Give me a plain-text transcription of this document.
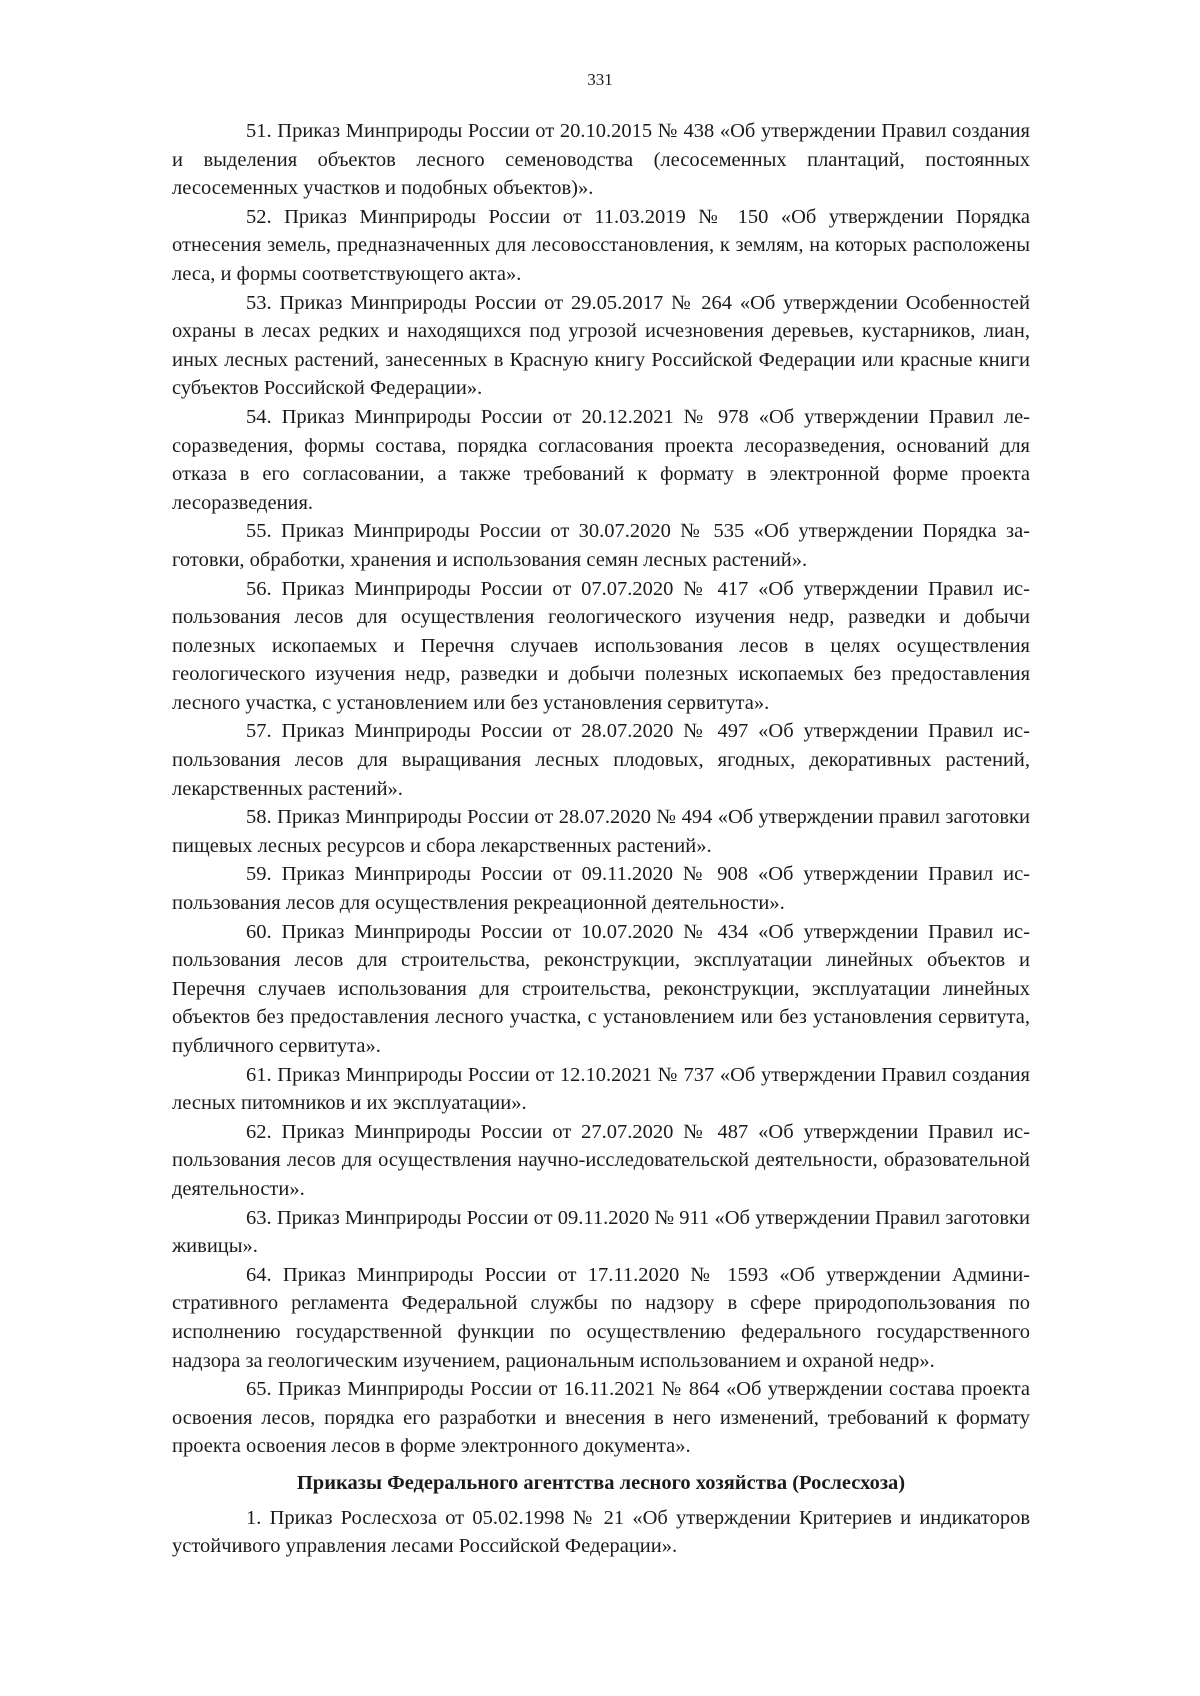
331

51. Приказ Минприроды России от 20.10.2015 № 438 «Об утверждении Правил создания и выделения объектов лесного семеноводства (лесосеменных плантаций, постоянных лесосеменных участков и подобных объектов)».

52. Приказ Минприроды России от 11.03.2019 № 150 «Об утверждении Порядка отнесения земель, предназначенных для лесовосстановления, к землям, на которых расположены леса, и формы соответствующего акта».

53. Приказ Минприроды России от 29.05.2017 № 264 «Об утверждении Особенностей охраны в лесах редких и находящихся под угрозой исчезновения деревьев, кустарников, лиан, иных лесных растений, занесенных в Красную книгу Российской Федерации или красные книги субъектов Российской Федерации».

54. Приказ Минприроды России от 20.12.2021 № 978 «Об утверждении Правил лесоразведения, формы состава, порядка согласования проекта лесоразведения, оснований для отказа в его согласовании, а также требований к формату в электронной форме проекта лесоразведения.

55. Приказ Минприроды России от 30.07.2020 № 535 «Об утверждении Порядка заготовки, обработки, хранения и использования семян лесных растений».

56. Приказ Минприроды России от 07.07.2020 № 417 «Об утверждении Правил использования лесов для осуществления геологического изучения недр, разведки и добычи полезных ископаемых и Перечня случаев использования лесов в целях осуществления геологического изучения недр, разведки и добычи полезных ископаемых без предоставления лесного участка, с установлением или без установления сервитута».

57. Приказ Минприроды России от 28.07.2020 № 497 «Об утверждении Правил использования лесов для выращивания лесных плодовых, ягодных, декоративных растений, лекарственных растений».

58. Приказ Минприроды России от 28.07.2020 № 494 «Об утверждении правил заготовки пищевых лесных ресурсов и сбора лекарственных растений».

59. Приказ Минприроды России от 09.11.2020 № 908 «Об утверждении Правил использования лесов для осуществления рекреационной деятельности».

60. Приказ Минприроды России от 10.07.2020 № 434 «Об утверждении Правил использования лесов для строительства, реконструкции, эксплуатации линейных объектов и Перечня случаев использования для строительства, реконструкции, эксплуатации линейных объектов без предоставления лесного участка, с установлением или без установления сервитута, публичного сервитута».

61. Приказ Минприроды России от 12.10.2021 № 737 «Об утверждении Правил создания лесных питомников и их эксплуатации».

62. Приказ Минприроды России от 27.07.2020 № 487 «Об утверждении Правил использования лесов для осуществления научно-исследовательской деятельности, образовательной деятельности».

63. Приказ Минприроды России от 09.11.2020 № 911 «Об утверждении Правил заготовки живицы».

64. Приказ Минприроды России от 17.11.2020 № 1593 «Об утверждении Административного регламента Федеральной службы по надзору в сфере природопользования по исполнению государственной функции по осуществлению федерального государственного надзора за геологическим изучением, рациональным использованием и охраной недр».

65. Приказ Минприроды России от 16.11.2021 № 864 «Об утверждении состава проекта освоения лесов, порядка его разработки и внесения в него изменений, требований к формату проекта освоения лесов в форме электронного документа».

Приказы Федерального агентства лесного хозяйства (Рослесхоза)

1. Приказ Рослесхоза от 05.02.1998 № 21 «Об утверждении Критериев и индикаторов устойчивого управления лесами Российской Федерации».
